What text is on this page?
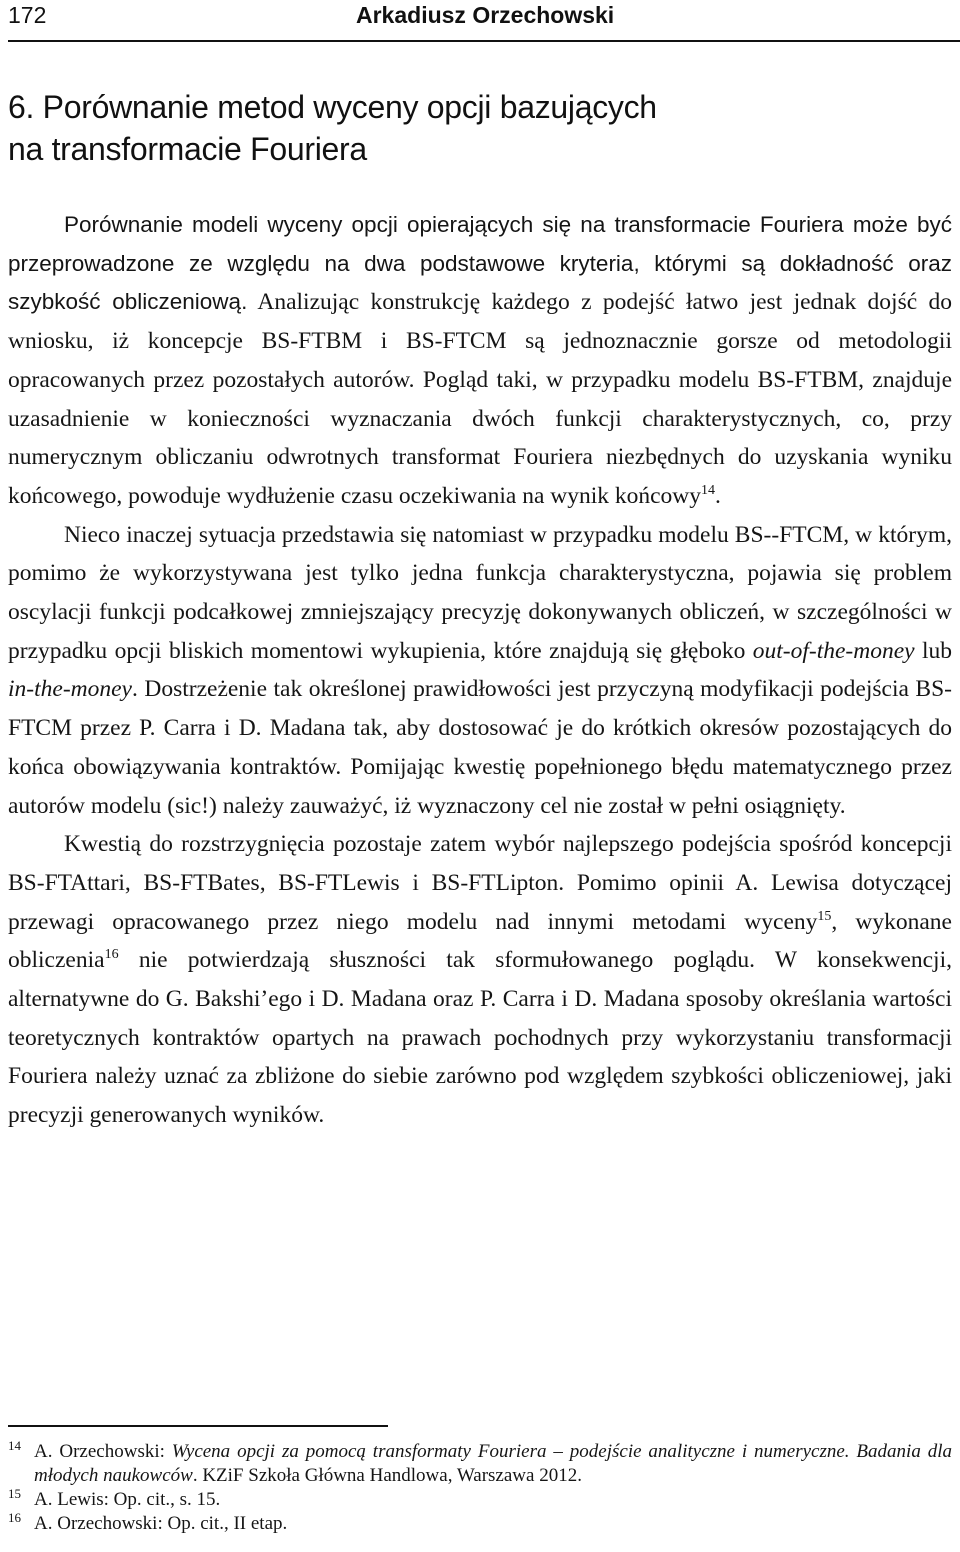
172	Arkadiusz Orzechowski
6. Porównanie metod wyceny opcji bazujących
na transformacie Fouriera

Porównanie modeli wyceny opcji opierających się na transformacie Fouriera może być przeprowadzone ze względu na dwa podstawowe kryteria, którymi są dokładność oraz szybkość obliczeniową. Analizując konstrukcję każdego z podejść łatwo jest jednak dojść do wniosku, iż koncepcje BS-FTBM i BS-FTCM są jednoznacznie gorsze od metodologii opracowanych przez pozostałych autorów. Pogląd taki, w przypadku modelu BS-FTBM, znajduje uzasadnienie w konieczności wyznaczania dwóch funkcji charakterystycznych, co, przy numerycznym obliczaniu odwrotnych transformat Fouriera niezbędnych do uzyskania wyniku końcowego, powoduje wydłużenie czasu oczekiwania na wynik końcowy$^{14}$.

Nieco inaczej sytuacja przedstawia się natomiast w przypadku modelu BS--FTCM, w którym, pomimo że wykorzystywana jest tylko jedna funkcja charakterystyczna, pojawia się problem oscylacji funkcji podcałkowej zmniejszający precyzję dokonywanych obliczeń, w szczególności w przypadku opcji bliskich momentowi wykupienia, które znajdują się głęboko out-of-the-money lub in-the-money. Dostrzeżenie tak określonej prawidłowości jest przyczyną modyfikacji podejścia BS-FTCM przez P. Carra i D. Madana tak, aby dostosować je do krótkich okresów pozostających do końca obowiązywania kontraktów. Pomijając kwestię popełnionego błędu matematycznego przez autorów modelu (sic!) należy zauważyć, iż wyznaczony cel nie został w pełni osiągnięty.

Kwestią do rozstrzygnięcia pozostaje zatem wybór najlepszego podejścia spośród koncepcji BS-FTAttari, BS-FTBates, BS-FTLewis i BS-FTLipton. Pomimo opinii A. Lewisa dotyczącej przewagi opracowanego przez niego modelu nad innymi metodami wyceny$^{15}$, wykonane obliczenia$^{16}$ nie potwierdzają słuszności tak sformułowanego poglądu. W konsekwencji, alternatywne do G. Bakshi’ego i D. Madana oraz P. Carra i D. Madana sposoby określania wartości teoretycznych kontraktów opartych na prawach pochodnych przy wykorzystaniu transformacji Fouriera należy uznać za zbliżone do siebie zarówno pod względem szybkości obliczeniowej, jaki precyzji generowanych wyników.

14 A. Orzechowski: Wycena opcji za pomocą transformaty Fouriera – podejście analityczne i numeryczne. Badania dla młodych naukowców. KZiF Szkoła Główna Handlowa, Warszawa 2012.
15 A. Lewis: Op. cit., s. 15.
16 A. Orzechowski: Op. cit., II etap.
